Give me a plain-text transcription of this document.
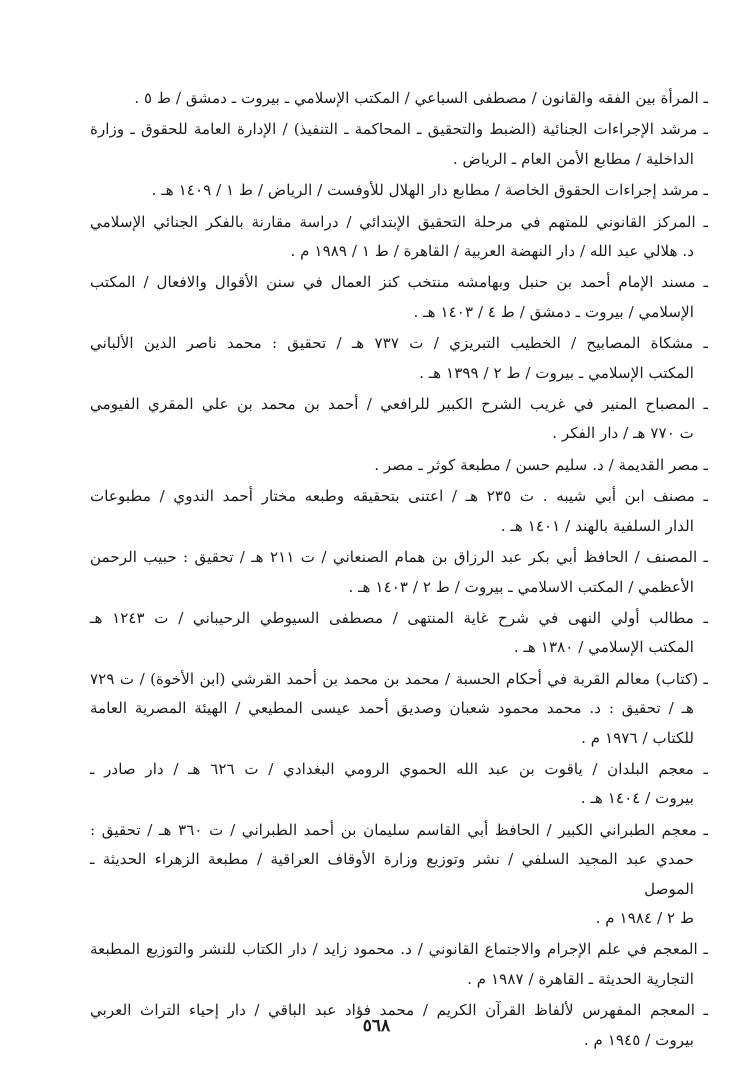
ـ المرأة بين الفقه والقانون / مصطفى السباعي / المكتب الإسلامي ـ بيروت ـ دمشق / ط ٥ .
ـ مرشد الإجراءات الجنائية (الضبط والتحقيق ـ المحاكمة ـ التنفيذ) / الإدارة العامة للحقوق ـ وزارة
الداخلية / مطابع الأمن العام ـ الرياض .
ـ مرشد إجراءات الحقوق الخاصة / مطابع دار الهلال للأوفست / الرياض / ط ١ / ١٤٠٩ هـ .
ـ المركز القانوني للمتهم في مرحلة التحقيق الإبتدائي / دراسة مقارنة بالفكر الجنائي الإسلامي
د. هلالي عبد الله / دار النهضة العربية / القاهرة / ط ١ / ١٩٨٩ م .
ـ مسند الإمام أحمد بن حنبل وبهامشه منتخب كنز العمال في سنن الأقوال والافعال / المكتب
الإسلامي / بيروت ـ دمشق / ط ٤ / ١٤٠٣ هـ .
ـ مشكاة المصابيح / الخطيب التبريزي / ت ٧٣٧ هـ / تحقيق : محمد ناصر الدين الألباني
المكتب الإسلامي ـ بيروت / ط ٢ / ١٣٩٩ هـ .
ـ المصباح المنير في غريب الشرح الكبير للرافعي / أحمد بن محمد بن علي المقري الفيومي
ت ٧٧٠ هـ / دار الفكر .
ـ مصر القديمة / د. سليم حسن / مطبعة كوثر ـ مصر .
ـ مصنف ابن أبي شيبه . ت ٢٣٥ هـ / اعتنى بتحقيقه وطبعه مختار أحمد الندوي / مطبوعات
الدار السلفية بالهند / ١٤٠١ هـ .
ـ المصنف / الحافظ أبي بكر عبد الرزاق بن همام الصنعاني / ت ٢١١ هـ / تحقيق : حبيب الرحمن
الأعظمي / المكتب الاسلامي ـ بيروت / ط ٢ / ١٤٠٣ هـ .
ـ مطالب أولي النهى في شرح غاية المنتهى / مصطفى السيوطي الرحيباني / ت ١٢٤٣ هـ
المكتب الإسلامي / ١٣٨٠ هـ .
ـ (كتاب) معالم القربة في أحكام الحسبة / محمد بن محمد بن أحمد القرشي (ابن الأخوة) / ت ٧٢٩
هـ / تحقيق : د. محمد محمود شعبان وصديق أحمد عيسى المطيعي / الهيئة المصرية العامة
للكتاب / ١٩٧٦ م .
ـ معجم البلدان / ياقوت بن عبد الله الحموي الرومي البغدادي / ت ٦٢٦ هـ / دار صادر ـ
بيروت / ١٤٠٤ هـ .
ـ معجم الطبراني الكبير / الحافظ أبي القاسم سليمان بن أحمد الطبراني / ت ٣٦٠ هـ / تحقيق :
حمدي عبد المجيد السلفي / نشر وتوزيع وزارة الأوقاف العراقية / مطبعة الزهراء الحديثة ـ الموصل
ط ٢ / ١٩٨٤ م .
ـ المعجم في علم الإجرام والاجتماع القانوني / د. محمود زايد / دار الكتاب للنشر والتوزيع المطبعة
التجارية الحديثة ـ القاهرة / ١٩٨٧ م .
ـ المعجم المفهرس لألفاظ القرآن الكريم / محمد فؤاد عبد الباقي / دار إحياء التراث العربي
بيروت / ١٩٤٥ م .
٥٦٨
